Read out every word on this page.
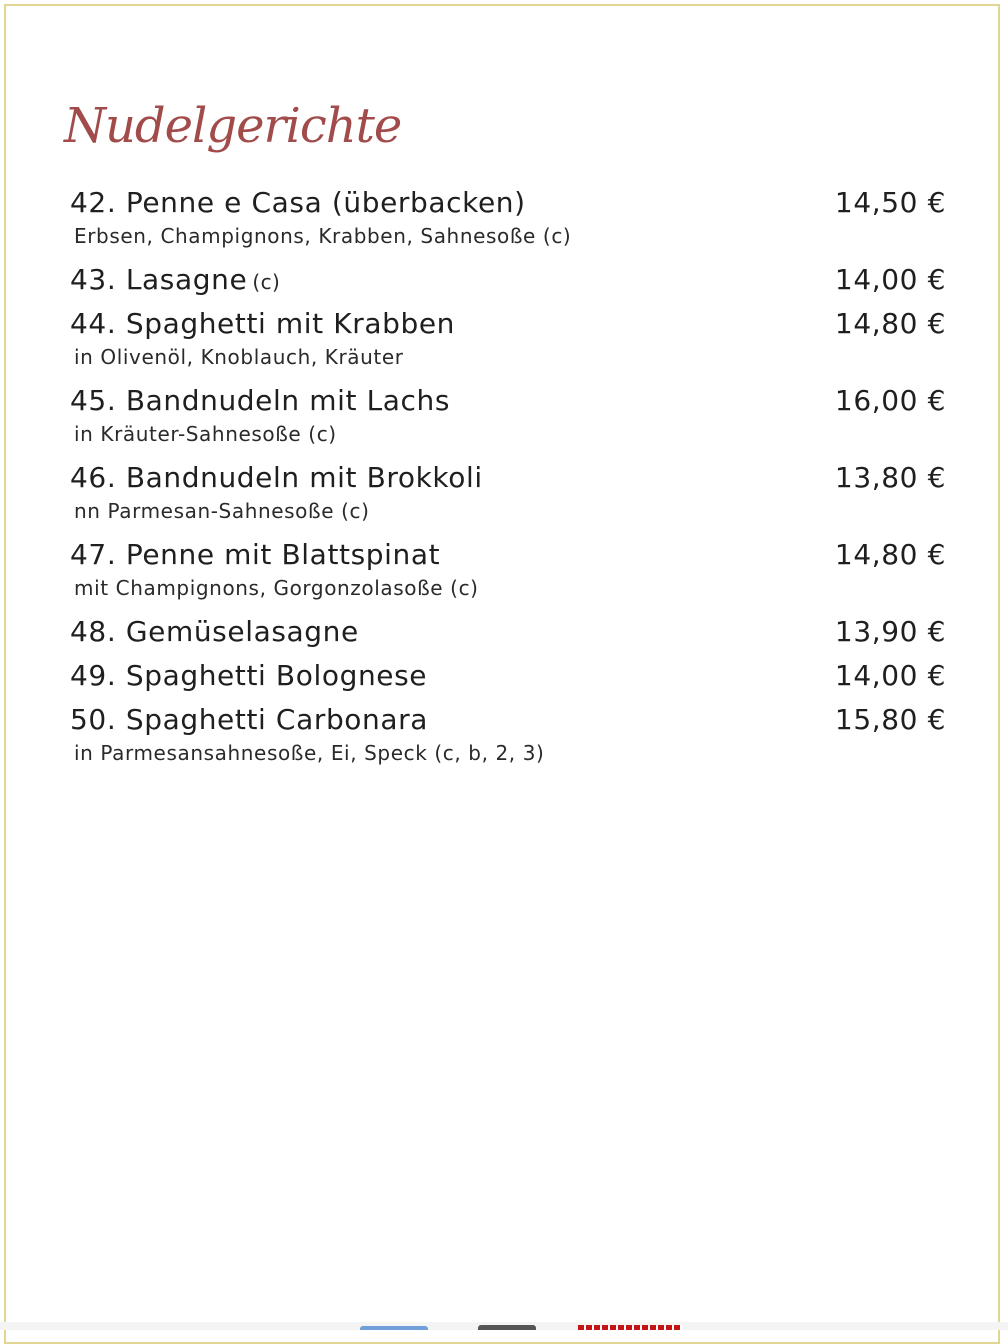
Nudelgerichte
42. Penne e Casa (überbacken)	14,50 €
Erbsen, Champignons, Krabben, Sahnesoße (c)
43. Lasagne (c)	14,00 €
44. Spaghetti mit Krabben	14,80 €
in Olivenöl, Knoblauch, Kräuter
45. Bandnudeln mit Lachs	16,00 €
in Kräuter-Sahnesoße (c)
46. Bandnudeln mit Brokkoli	13,80 €
nn Parmesan-Sahnesoße (c)
47. Penne mit Blattspinat	14,80 €
mit Champignons, Gorgonzolasoße (c)
48. Gemüselasagne	13,90 €
49. Spaghetti Bolognese	14,00 €
50. Spaghetti Carbonara	15,80 €
in Parmesansahnesoße, Ei, Speck (c, b, 2, 3)
